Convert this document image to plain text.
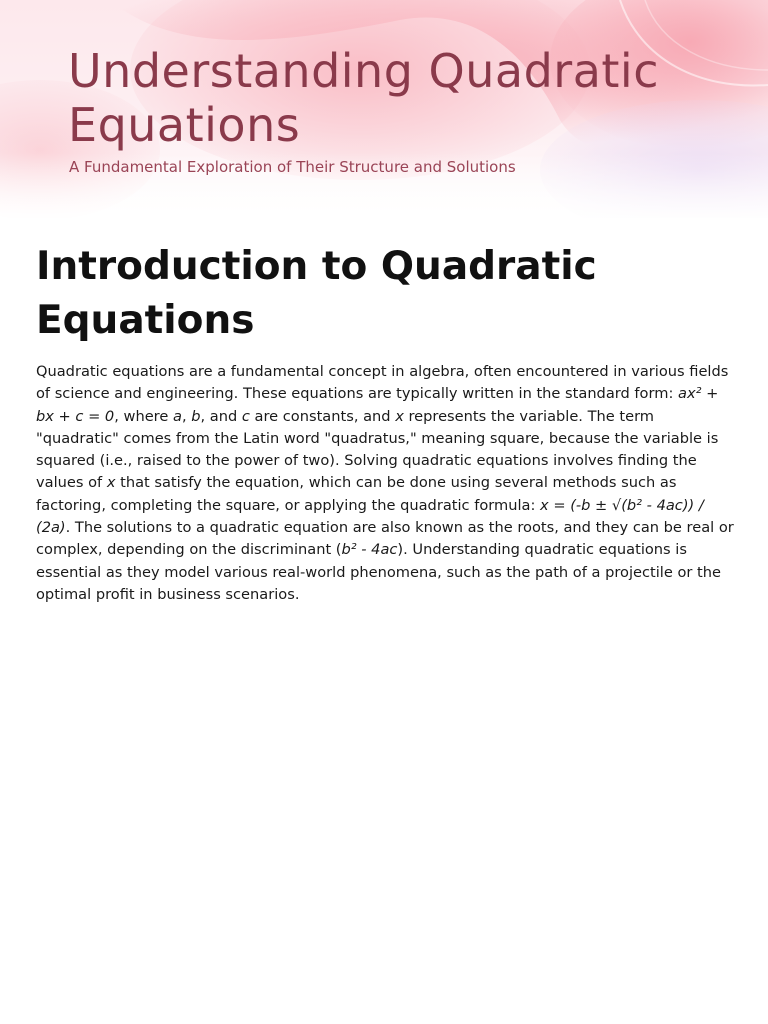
Understanding Quadratic Equations

A Fundamental Exploration of Their Structure and Solutions

Introduction to Quadratic Equations

Quadratic equations are a fundamental concept in algebra, often encountered in various fields of science and engineering. These equations are typically written in the standard form: ax² + bx + c = 0, where a, b, and c are constants, and x represents the variable. The term "quadratic" comes from the Latin word "quadratus," meaning square, because the variable is squared (i.e., raised to the power of two). Solving quadratic equations involves finding the values of x that satisfy the equation, which can be done using several methods such as factoring, completing the square, or applying the quadratic formula: x = (-b ± √(b² - 4ac)) / (2a). The solutions to a quadratic equation are also known as the roots, and they can be real or complex, depending on the discriminant (b² - 4ac). Understanding quadratic equations is essential as they model various real-world phenomena, such as the path of a projectile or the optimal profit in business scenarios.
